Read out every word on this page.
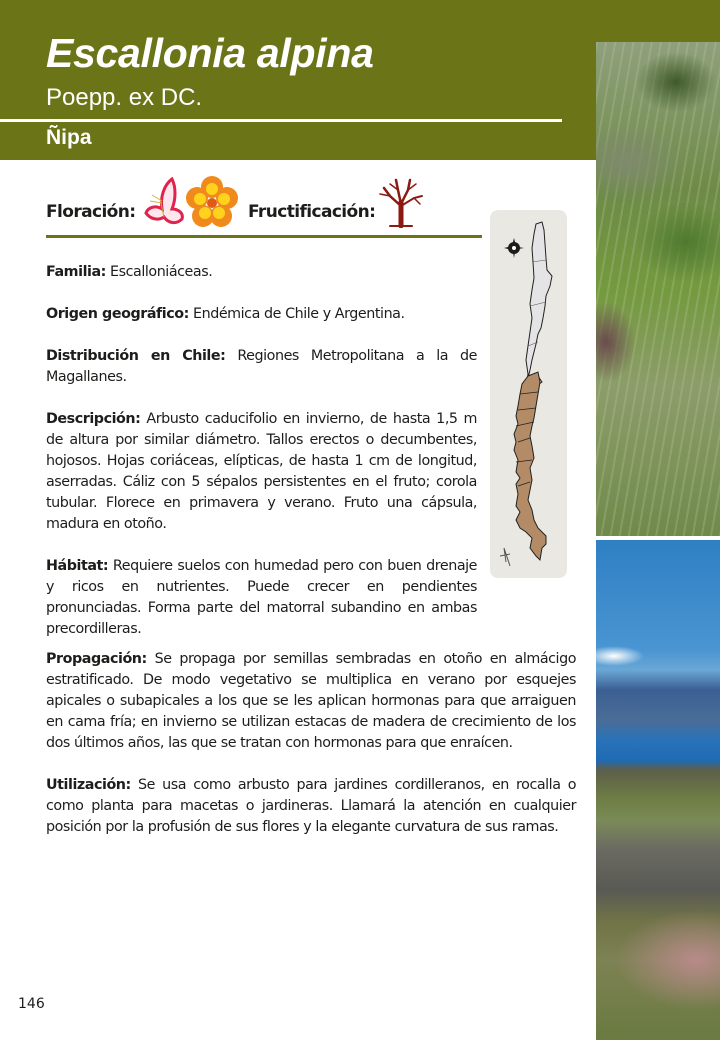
Escallonia alpina
Poepp. ex DC.
Ñipa
Floración:	Fructificación:

Familia: Escalloniáceas.

Origen geográfico: Endémica de Chile y Argentina.

Distribución en Chile: Regiones Metropolitana a la de Magallanes.

Descripción: Arbusto caducifolio en invierno, de hasta 1,5 m de altura por similar diámetro. Tallos erectos o decumbentes, hojosos. Hojas coriáceas, elípticas, de hasta 1 cm de longitud, aserradas. Cáliz con 5 sépalos persistentes en el fruto; corola tubular. Florece en primavera y verano. Fruto una cápsula, madura en otoño.

Hábitat: Requiere suelos con humedad pero con buen drenaje y ricos en nutrientes. Puede crecer en pendientes pronunciadas. Forma parte del matorral subandino en ambas precordilleras.

Propagación: Se propaga por semillas sembradas en otoño en almácigo estratificado. De modo vegetativo se multiplica en verano por esquejes apicales o subapicales a los que se les aplican hormonas para que arraiguen en cama fría; en invierno se utilizan estacas de madera de crecimiento de los dos últimos años, las que se tratan con hormonas para que enraícen.

Utilización: Se usa como arbusto para jardines cordilleranos, en rocalla o como planta para macetas o jardineras. Llamará la atención en cualquier posición por la profusión de sus flores y la elegante curvatura de sus ramas.

146
